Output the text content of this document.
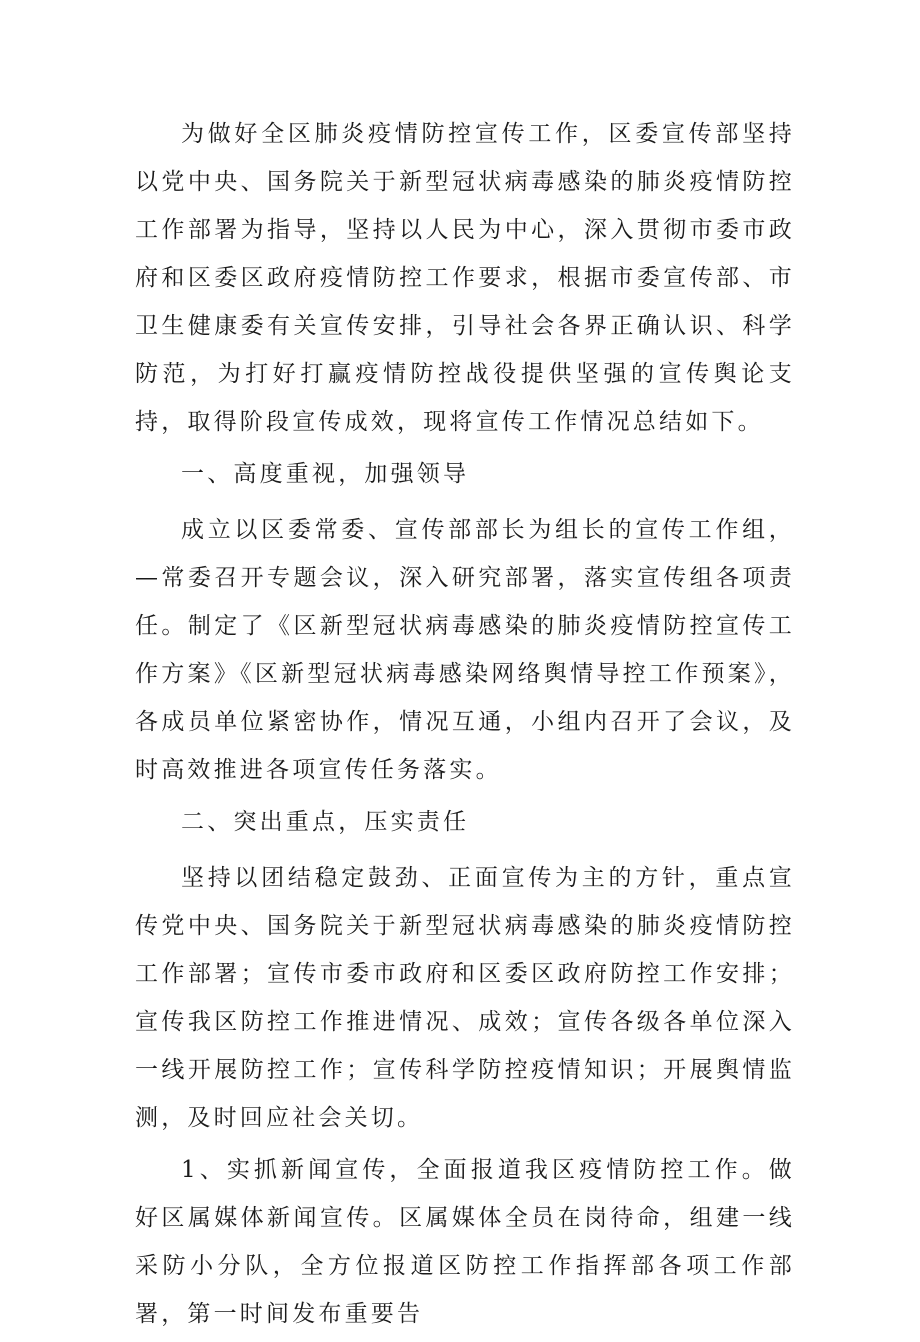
为做好全区肺炎疫情防控宣传工作，区委宣传部坚持以党中央、国务院关于新型冠状病毒感染的肺炎疫情防控工作部署为指导，坚持以人民为中心，深入贯彻市委市政府和区委区政府疫情防控工作要求，根据市委宣传部、市卫生健康委有关宣传安排，引导社会各界正确认识、科学防范，为打好打赢疫情防控战役提供坚强的宣传舆论支持，取得阶段宣传成效，现将宣传工作情况总结如下。

一、高度重视，加强领导

成立以区委常委、宣传部部长为组长的宣传工作组，—常委召开专题会议，深入研究部署，落实宣传组各项责任。制定了《区新型冠状病毒感染的肺炎疫情防控宣传工作方案》《区新型冠状病毒感染网络舆情导控工作预案》，各成员单位紧密协作，情况互通，小组内召开了会议，及时高效推进各项宣传任务落实。

二、突出重点，压实责任

坚持以团结稳定鼓劲、正面宣传为主的方针，重点宣传党中央、国务院关于新型冠状病毒感染的肺炎疫情防控工作部署；宣传市委市政府和区委区政府防控工作安排；宣传我区防控工作推进情况、成效；宣传各级各单位深入一线开展防控工作；宣传科学防控疫情知识；开展舆情监测，及时回应社会关切。

1、实抓新闻宣传，全面报道我区疫情防控工作。做好区属媒体新闻宣传。区属媒体全员在岗待命，组建一线采防小分队，全方位报道区防控工作指挥部各项工作部署，第一时间发布重要告
